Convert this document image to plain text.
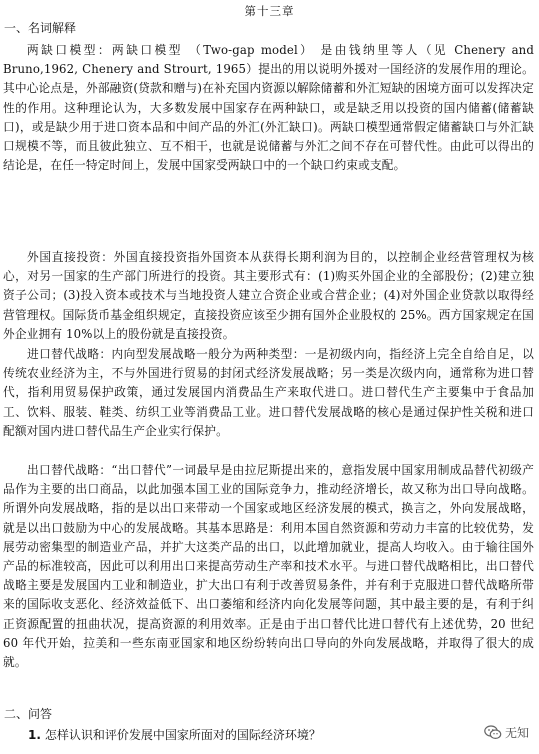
第十三章
一、名词解释

两缺口模型：两缺口模型 （Two-gap model） 是由钱纳里等人（见 Chenery and Bruno,1962, Chenery and Strourt, 1965）提出的用以说明外援对一国经济的发展作用的理论。其中心论点是，外部融资(贷款和赠与)在补充国内资源以解除储蓄和外汇短缺的困境方面可以发挥决定性的作用。这种理论认为，大多数发展中国家存在两种缺口，或是缺乏用以投资的国内储蓄(储蓄缺口)，或是缺少用于进口资本品和中间产品的外汇(外汇缺口)。两缺口模型通常假定储蓄缺口与外汇缺口规模不等，而且彼此独立、互不相干，也就是说储蓄与外汇之间不存在可替代性。由此可以得出的结论是，在任一特定时间上，发展中国家受两缺口中的一个缺口约束或支配。

外国直接投资：外国直接投资指外国资本从获得长期利润为目的，以控制企业经营管理权为核心，对另一国家的生产部门所进行的投资。其主要形式有：(1)购买外国企业的全部股份；(2)建立独资子公司；(3)投入资本或技术与当地投资人建立合资企业或合营企业；(4)对外国企业贷款以取得经营管理权。国际货币基金组织规定，直接投资应该至少拥有国外企业股权的 25%。西方国家规定在国外企业拥有 10%以上的股份就是直接投资。

进口替代战略：内向型发展战略一般分为两种类型：一是初级内向，指经济上完全自给自足，以传统农业经济为主，不与外国进行贸易的封闭式经济发展战略；另一类是次级内向，通常称为进口替代，指利用贸易保护政策，通过发展国内消费品生产来取代进口。进口替代生产主要集中于食品加工、饮料、服装、鞋类、纺织工业等消费品工业。进口替代发展战略的核心是通过保护性关税和进口配额对国内进口替代品生产企业实行保护。

出口替代战略：“出口替代”一词最早是由拉尼斯提出来的，意指发展中国家用制成品替代初级产品作为主要的出口商品，以此加强本国工业的国际竞争力，推动经济增长，故又称为出口导向战略。所谓外向发展战略，指的是以出口来带动一个国家或地区经济发展的模式，换言之，外向发展战略，就是以出口鼓励为中心的发展战略。其基本思路是：利用本国自然资源和劳动力丰富的比较优势，发展劳动密集型的制造业产品，并扩大这类产品的出口，以此增加就业，提高人均收入。由于输往国外产品的标准较高，因此可以利用出口来提高劳动生产率和技术水平。与进口替代战略相比，出口替代战略主要是发展国内工业和制造业，扩大出口有利于改善贸易条件，并有利于克服进口替代战略所带来的国际收支恶化、经济效益低下、出口萎缩和经济内向化发展等问题，其中最主要的是，有利于纠正资源配置的扭曲状况，提高资源的利用效率。正是由于出口替代比进口替代有上述优势，20 世纪 60 年代开始，拉美和一些东南亚国家和地区纷纷转向出口导向的外向发展战略，并取得了很大的成就。

二、问答
1. 怎样认识和评价发展中国家所面对的国际经济环境？	无知
